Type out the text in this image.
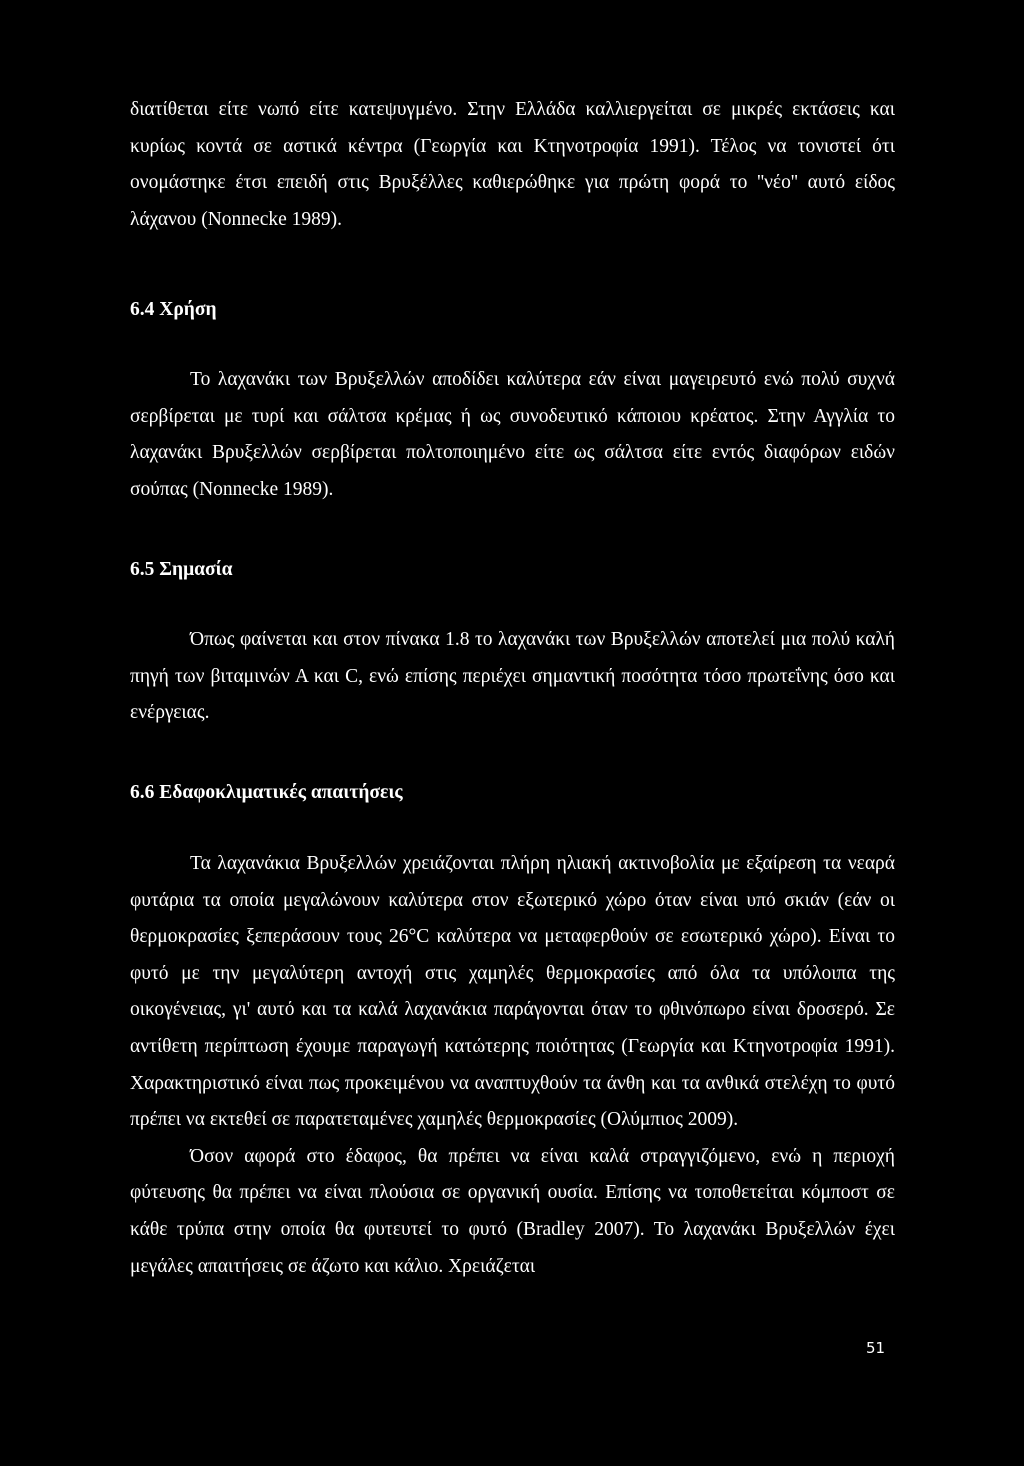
διατίθεται είτε νωπό είτε κατεψυγμένο. Στην Ελλάδα καλλιεργείται σε μικρές εκτάσεις και κυρίως κοντά σε αστικά κέντρα (Γεωργία και Κτηνοτροφία 1991). Τέλος να τονιστεί ότι ονομάστηκε έτσι επειδή στις Βρυξέλλες καθιερώθηκε για πρώτη φορά το ''νέο'' αυτό είδος λάχανου (Nonnecke 1989).

6.4 Χρήση

Το λαχανάκι των Βρυξελλών αποδίδει καλύτερα εάν είναι μαγειρευτό ενώ πολύ συχνά σερβίρεται με τυρί και σάλτσα κρέμας ή ως συνοδευτικό κάποιου κρέατος. Στην Αγγλία το λαχανάκι Βρυξελλών σερβίρεται πολτοποιημένο είτε ως σάλτσα είτε εντός διαφόρων ειδών σούπας (Nonnecke 1989).

6.5 Σημασία

Όπως φαίνεται και στον πίνακα 1.8 το λαχανάκι των Βρυξελλών αποτελεί μια πολύ καλή πηγή των βιταμινών Α και C, ενώ επίσης περιέχει σημαντική ποσότητα τόσο πρωτεΐνης όσο και ενέργειας.

6.6 Εδαφοκλιματικές απαιτήσεις

Τα λαχανάκια Βρυξελλών χρειάζονται πλήρη ηλιακή ακτινοβολία με εξαίρεση τα νεαρά φυτάρια τα οποία μεγαλώνουν καλύτερα στον εξωτερικό χώρο όταν είναι υπό σκιάν (εάν οι θερμοκρασίες ξεπεράσουν τους 26°C καλύτερα να μεταφερθούν σε εσωτερικό χώρο). Είναι το φυτό με την μεγαλύτερη αντοχή στις χαμηλές θερμοκρασίες από όλα τα υπόλοιπα της οικογένειας, γι' αυτό και τα καλά λαχανάκια παράγονται όταν το φθινόπωρο είναι δροσερό. Σε αντίθετη περίπτωση έχουμε παραγωγή κατώτερης ποιότητας (Γεωργία και Κτηνοτροφία 1991). Χαρακτηριστικό είναι πως προκειμένου να αναπτυχθούν τα άνθη και τα ανθικά στελέχη το φυτό πρέπει να εκτεθεί σε παρατεταμένες χαμηλές θερμοκρασίες (Ολύμπιος 2009).

Όσον αφορά στο έδαφος, θα πρέπει να είναι καλά στραγγιζόμενο, ενώ η περιοχή φύτευσης θα πρέπει να είναι πλούσια σε οργανική ουσία. Επίσης να τοποθετείται κόμποστ σε κάθε τρύπα στην οποία θα φυτευτεί το φυτό (Bradley 2007). Το λαχανάκι Βρυξελλών έχει μεγάλες απαιτήσεις σε άζωτο και κάλιο. Χρειάζεται

51
